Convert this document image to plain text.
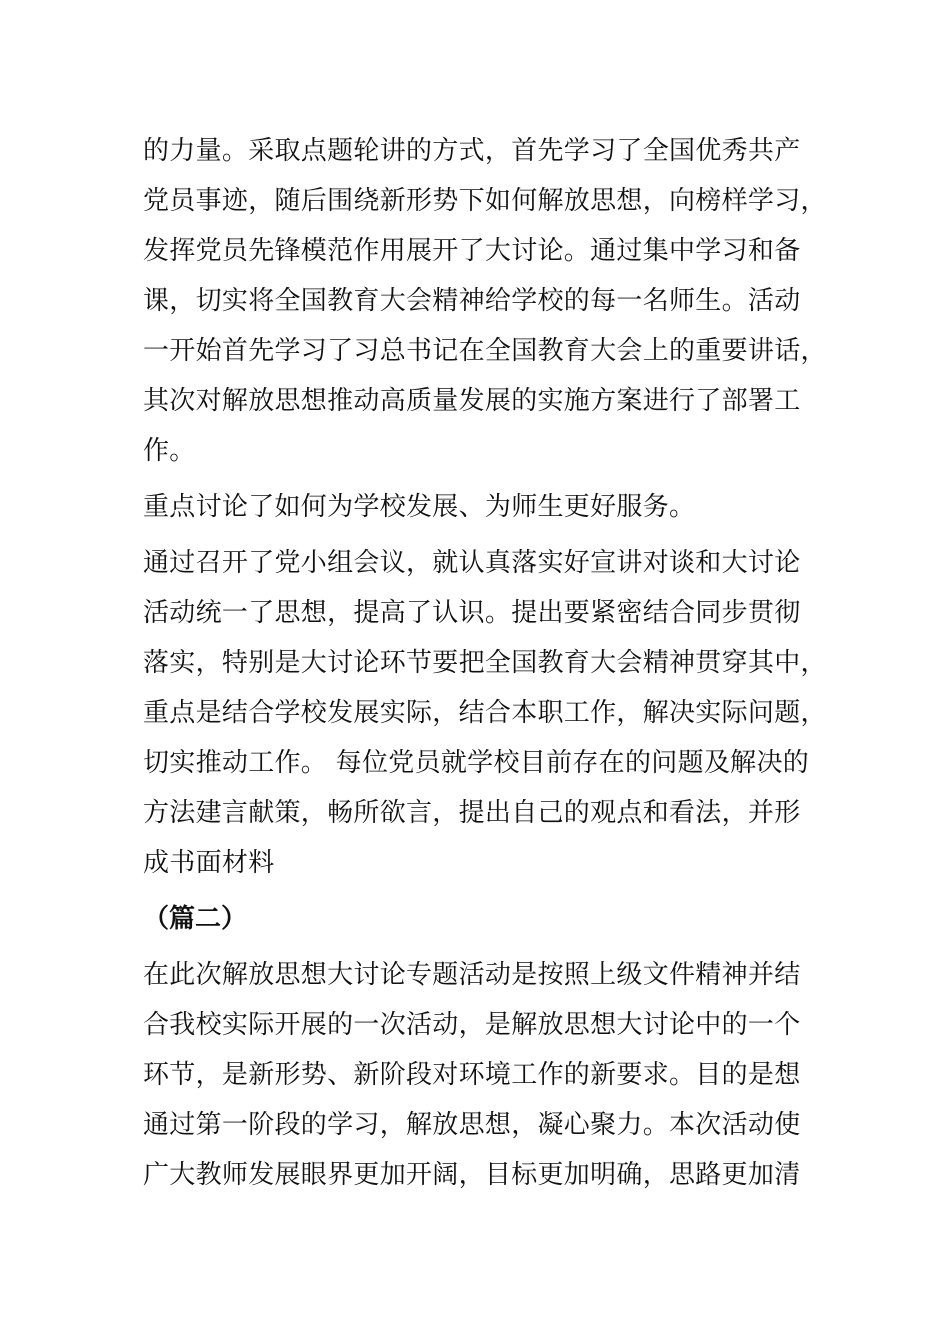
的力量。采取点题轮讲的方式，首先学习了全国优秀共产
党员事迹，随后围绕新形势下如何解放思想，向榜样学习，
发挥党员先锋模范作用展开了大讨论。通过集中学习和备
课，切实将全国教育大会精神给学校的每一名师生。活动
一开始首先学习了习总书记在全国教育大会上的重要讲话，
其次对解放思想推动高质量发展的实施方案进行了部署工
作。

重点讨论了如何为学校发展、为师生更好服务。

通过召开了党小组会议，就认真落实好宣讲对谈和大讨论
活动统一了思想，提高了认识。提出要紧密结合同步贯彻
落实，特别是大讨论环节要把全国教育大会精神贯穿其中，
重点是结合学校发展实际，结合本职工作，解决实际问题，
切实推动工作。 每位党员就学校目前存在的问题及解决的
方法建言献策，畅所欲言，提出自己的观点和看法，并形
成书面材料

（篇二）

在此次解放思想大讨论专题活动是按照上级文件精神并结
合我校实际开展的一次活动，是解放思想大讨论中的一个
环节，是新形势、新阶段对环境工作的新要求。目的是想
通过第一阶段的学习，解放思想，凝心聚力。本次活动使
广大教师发展眼界更加开阔，目标更加明确，思路更加清
